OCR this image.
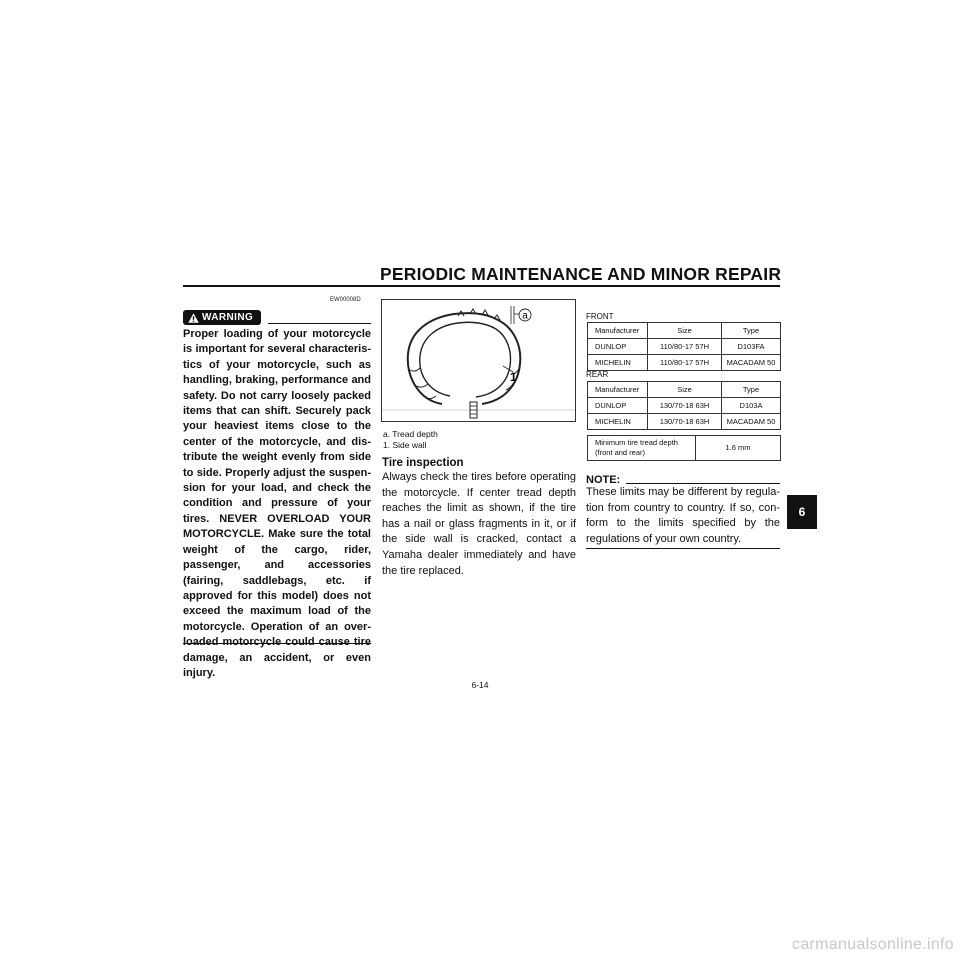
PERIODIC MAINTENANCE AND MINOR REPAIR
6
EW00008D
WARNING
Proper loading of your motorcycle is important for several characteristics of your motorcycle, such as handling, braking, performance and safety. Do not carry loosely packed items that can shift. Securely pack your heaviest items close to the center of the motorcycle, and distribute the weight evenly from side to side. Properly adjust the suspension for your load, and check the condition and pressure of your tires. NEVER OVERLOAD YOUR MOTORCYCLE. Make sure the total weight of the cargo, rider, passenger, and accessories (fairing, saddlebags, etc. if approved for this model) does not exceed the maximum load of the motorcycle. Operation of an over damage, an accident, or even injury.
a
1
a. Tread depth
1. Side wall
Tire inspection
Always check the tires before operating the motorcycle. If center tread depth reaches the limit as shown, if the tire has a nail or glass fragments in it, or if the side wall is cracked, contact a Yamaha dealer immediately and have the tire replaced.
FRONT
Manufacturer	Size	Type
DUNLOP	110/80-17 57H	D103FA
MICHELIN	110/80-17 57H	MACADAM 50
REAR
Manufacturer	Size	Type
DUNLOP	130/70-18 63H	D103A
MICHELIN	130/70-18 63H	MACADAM 50
Minimum tire tread depth
(front and rear)
	1.6 mm
NOTE:
These limits may be different by regulation from country to country. If so, conform to the limits specified by the regulations of your own country.
6-14
carmanualsonline.info
